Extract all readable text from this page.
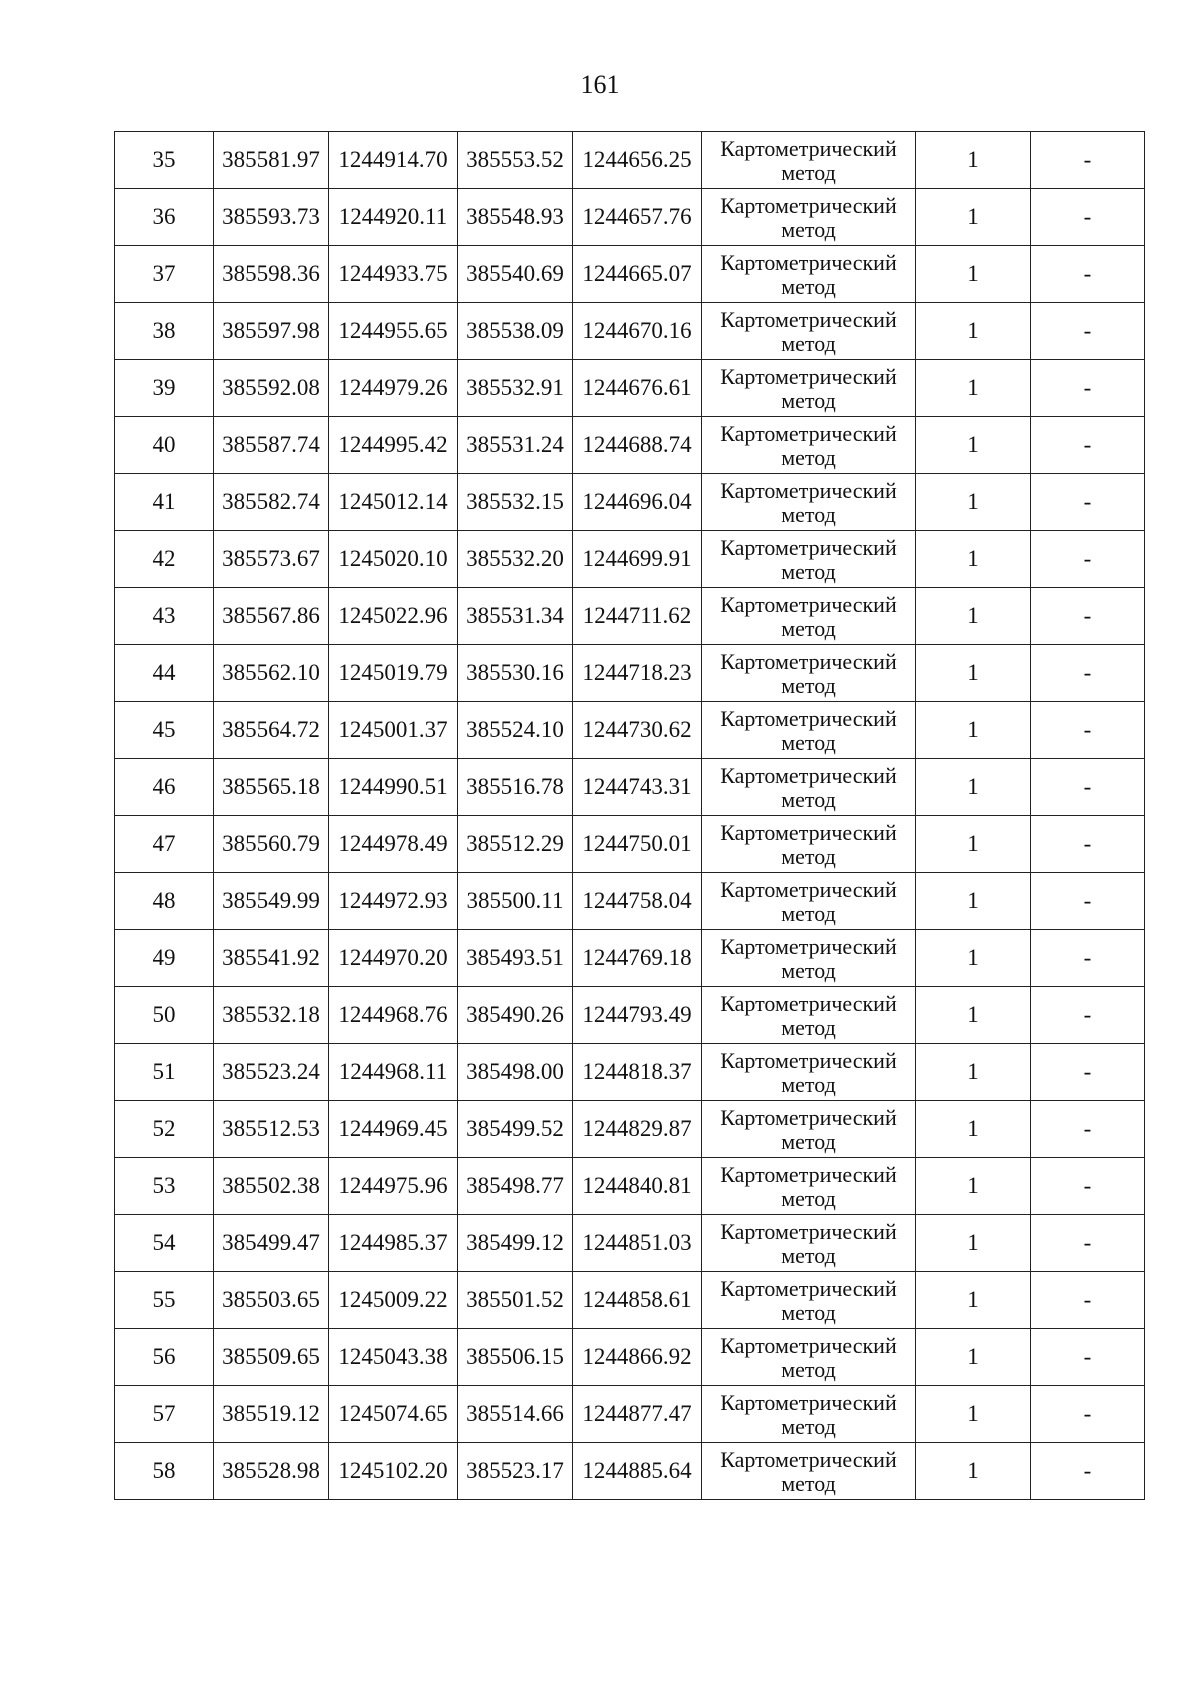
161
35	385581.97	1244914.70	385553.52	1244656.25	Картометрический метод	1	-
36	385593.73	1244920.11	385548.93	1244657.76	Картометрический метод	1	-
37	385598.36	1244933.75	385540.69	1244665.07	Картометрический метод	1	-
38	385597.98	1244955.65	385538.09	1244670.16	Картометрический метод	1	-
39	385592.08	1244979.26	385532.91	1244676.61	Картометрический метод	1	-
40	385587.74	1244995.42	385531.24	1244688.74	Картометрический метод	1	-
41	385582.74	1245012.14	385532.15	1244696.04	Картометрический метод	1	-
42	385573.67	1245020.10	385532.20	1244699.91	Картометрический метод	1	-
43	385567.86	1245022.96	385531.34	1244711.62	Картометрический метод	1	-
44	385562.10	1245019.79	385530.16	1244718.23	Картометрический метод	1	-
45	385564.72	1245001.37	385524.10	1244730.62	Картометрический метод	1	-
46	385565.18	1244990.51	385516.78	1244743.31	Картометрический метод	1	-
47	385560.79	1244978.49	385512.29	1244750.01	Картометрический метод	1	-
48	385549.99	1244972.93	385500.11	1244758.04	Картометрический метод	1	-
49	385541.92	1244970.20	385493.51	1244769.18	Картометрический метод	1	-
50	385532.18	1244968.76	385490.26	1244793.49	Картометрический метод	1	-
51	385523.24	1244968.11	385498.00	1244818.37	Картометрический метод	1	-
52	385512.53	1244969.45	385499.52	1244829.87	Картометрический метод	1	-
53	385502.38	1244975.96	385498.77	1244840.81	Картометрический метод	1	-
54	385499.47	1244985.37	385499.12	1244851.03	Картометрический метод	1	-
55	385503.65	1245009.22	385501.52	1244858.61	Картометрический метод	1	-
56	385509.65	1245043.38	385506.15	1244866.92	Картометрический метод	1	-
57	385519.12	1245074.65	385514.66	1244877.47	Картометрический метод	1	-
58	385528.98	1245102.20	385523.17	1244885.64	Картометрический метод	1	-
